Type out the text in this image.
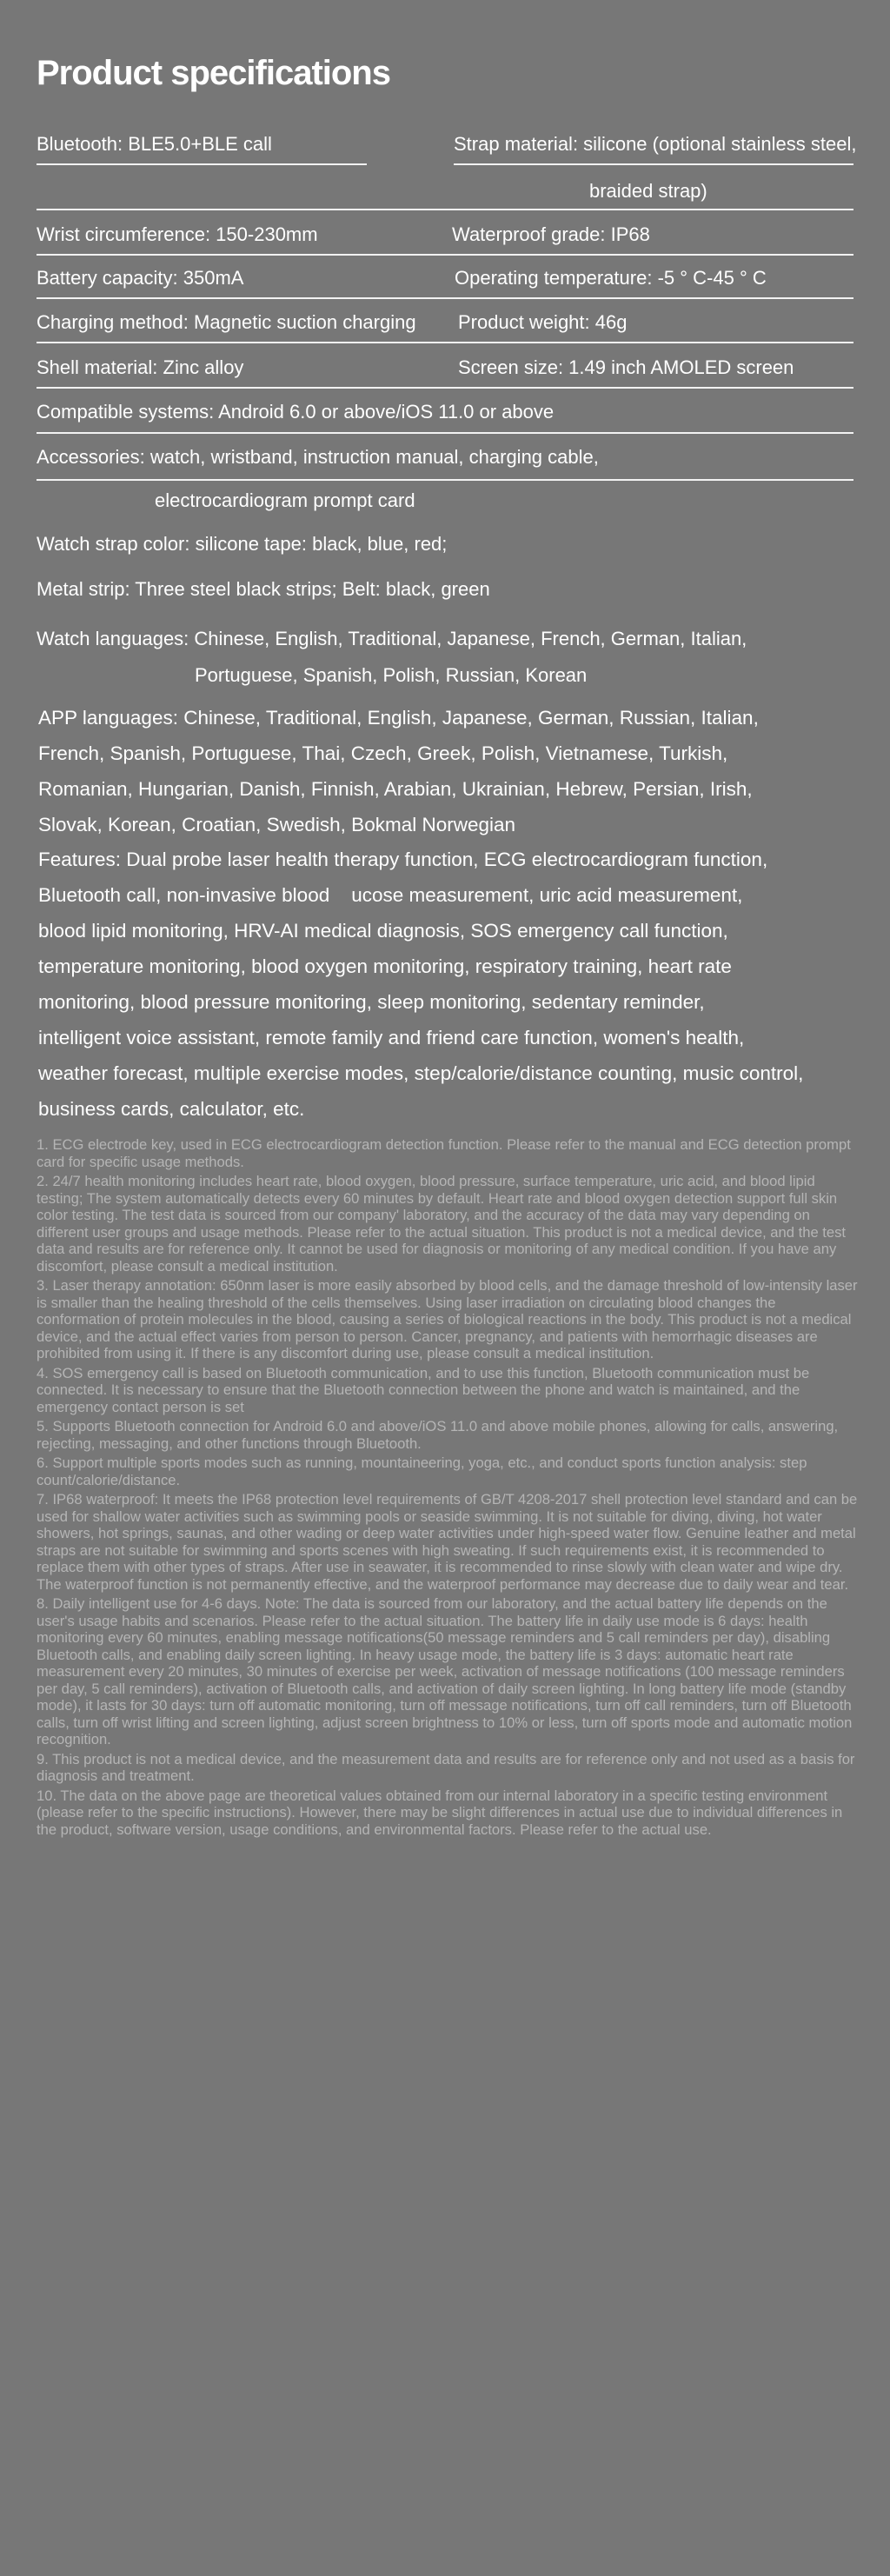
Product specifications
Bluetooth: BLE5.0+BLE call	Strap material: silicone (optional stainless steel,
braided strap)
Wrist circumference: 150-230mm	Waterproof grade: IP68
Battery capacity: 350mA	Operating temperature: -5 ° C-45 ° C
Charging method: Magnetic suction charging Product weight: 46g
Shell material: Zinc alloy	Screen size: 1.49 inch AMOLED screen
Compatible systems: Android 6.0 or above/iOS 11.0 or above
Accessories: watch, wristband, instruction manual, charging cable,
electrocardiogram prompt card
Watch strap color: silicone tape: black, blue, red;
Metal strip: Three steel black strips; Belt: black, green
Watch languages: Chinese, English, Traditional, Japanese, French, German, Italian,
Portuguese, Spanish, Polish, Russian, Korean
APP languages: Chinese, Traditional, English, Japanese, German, Russian, Italian,
French, Spanish, Portuguese, Thai, Czech, Greek, Polish, Vietnamese, Turkish,
Romanian, Hungarian, Danish, Finnish, Arabian, Ukrainian, Hebrew, Persian, Irish,
Slovak, Korean, Croatian, Swedish, Bokmal Norwegian
Features: Dual probe laser health therapy function, ECG electrocardiogram function,
Bluetooth call, non-invasive blood    ucose measurement, uric acid measurement,
blood lipid monitoring, HRV-AI medical diagnosis, SOS emergency call function,
temperature monitoring, blood oxygen monitoring, respiratory training, heart rate
monitoring, blood pressure monitoring, sleep monitoring, sedentary reminder,
intelligent voice assistant, remote family and friend care function, women's health,
weather forecast, multiple exercise modes, step/calorie/distance counting, music control,
business cards, calculator, etc.

1. ECG electrode key, used in ECG electrocardiogram detection function. Please refer to the manual and ECG detection prompt card for specific usage methods.

2. 24/7 health monitoring includes heart rate, blood oxygen, blood pressure, surface temperature, uric acid, and blood lipid testing; The system automatically detects every 60 minutes by default. Heart rate and blood oxygen detection support full skin color testing. The test data is sourced from our company' laboratory, and the accuracy of the data may vary depending on different user groups and usage methods. Please refer to the actual situation. This product is not a medical device, and the test data and results are for reference only. It cannot be used for diagnosis or monitoring of any medical condition. If you have any discomfort, please consult a medical institution.

3. Laser therapy annotation: 650nm laser is more easily absorbed by blood cells, and the damage threshold of low-intensity laser is smaller than the healing threshold of the cells themselves. Using laser irradiation on circulating blood changes the conformation of protein molecules in the blood, causing a series of biological reactions in the body. This product is not a medical device, and the actual effect varies from person to person. Cancer, pregnancy, and patients with hemorrhagic diseases are prohibited from using it. If there is any discomfort during use, please consult a medical institution.

4. SOS emergency call is based on Bluetooth communication, and to use this function, Bluetooth communication must be connected. It is necessary to ensure that the Bluetooth connection between the phone and watch is maintained, and the emergency contact person is set

5. Supports Bluetooth connection for Android 6.0 and above/iOS 11.0 and above mobile phones, allowing for calls, answering, rejecting, messaging, and other functions through Bluetooth.

6. Support multiple sports modes such as running, mountaineering, yoga, etc., and conduct sports function analysis: step count/calorie/distance.

7. IP68 waterproof: It meets the IP68 protection level requirements of GB/T 4208-2017 shell protection level standard and can be used for shallow water activities such as swimming pools or seaside swimming. It is not suitable for diving, diving, hot water showers, hot springs, saunas, and other wading or deep water activities under high-speed water flow. Genuine leather and metal straps are not suitable for swimming and sports scenes with high sweating. If such requirements exist, it is recommended to replace them with other types of straps. After use in seawater, it is recommended to rinse slowly with clean water and wipe dry. The waterproof function is not permanently effective, and the waterproof performance may decrease due to daily wear and tear.

8. Daily intelligent use for 4-6 days. Note: The data is sourced from our laboratory, and the actual battery life depends on the user's usage habits and scenarios. Please refer to the actual situation. The battery life in daily use mode is 6 days: health monitoring every 60 minutes, enabling message notifications(50 message reminders and 5 call reminders per day), disabling Bluetooth calls, and enabling daily screen lighting. In heavy usage mode, the battery life is 3 days: automatic heart rate measurement every 20 minutes, 30 minutes of exercise per week, activation of message notifications (100 message reminders per day, 5 call reminders), activation of Bluetooth calls, and activation of daily screen lighting. In long battery life mode (standby mode), it lasts for 30 days: turn off automatic monitoring, turn off message notifications, turn off call reminders, turn off Bluetooth calls, turn off wrist lifting and screen lighting, adjust screen brightness to 10% or less, turn off sports mode and automatic motion recognition.

9. This product is not a medical device, and the measurement data and results are for reference only and not used as a basis for diagnosis and treatment.

10. The data on the above page are theoretical values obtained from our internal laboratory in a specific testing environment (please refer to the specific instructions). However, there may be slight differences in actual use due to individual differences in the product, software version, usage conditions, and environmental factors. Please refer to the actual use.
